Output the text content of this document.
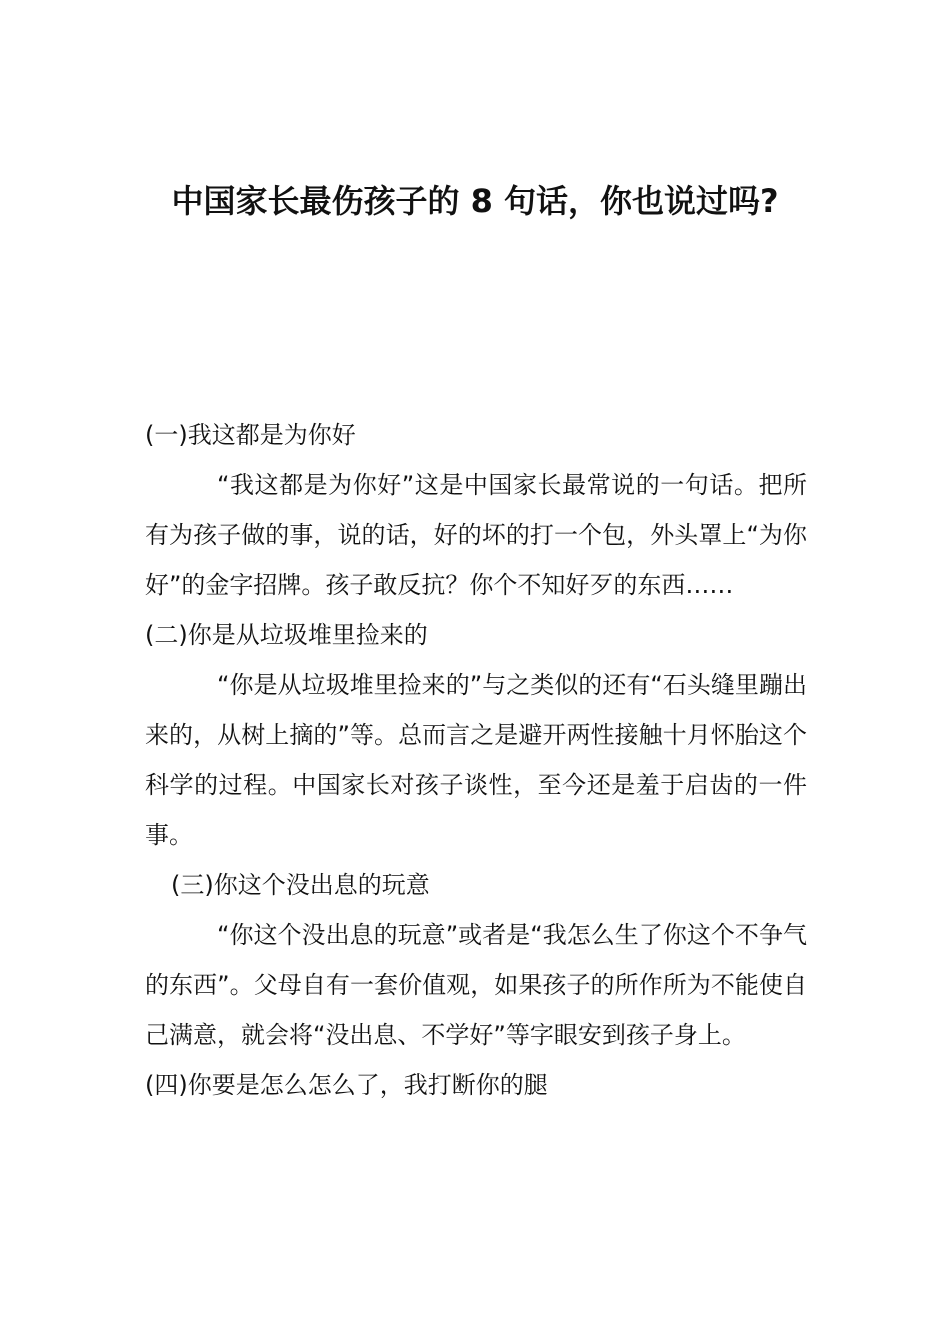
中国家长最伤孩子的 8 句话，你也说过吗?

(一)我这都是为你好

“我这都是为你好”这是中国家长最常说的一句话。把所有为孩子做的事，说的话，好的坏的打一个包，外头罩上“为你好”的金字招牌。孩子敢反抗？你个不知好歹的东西……

(二)你是从垃圾堆里捡来的

“你是从垃圾堆里捡来的”与之类似的还有“石头缝里蹦出来的，从树上摘的”等。总而言之是避开两性接触十月怀胎这个科学的过程。中国家长对孩子谈性，至今还是羞于启齿的一件事。

(三)你这个没出息的玩意

“你这个没出息的玩意”或者是“我怎么生了你这个不争气的东西”。父母自有一套价值观，如果孩子的所作所为不能使自己满意，就会将“没出息、不学好”等字眼安到孩子身上。

(四)你要是怎么怎么了，我打断你的腿
